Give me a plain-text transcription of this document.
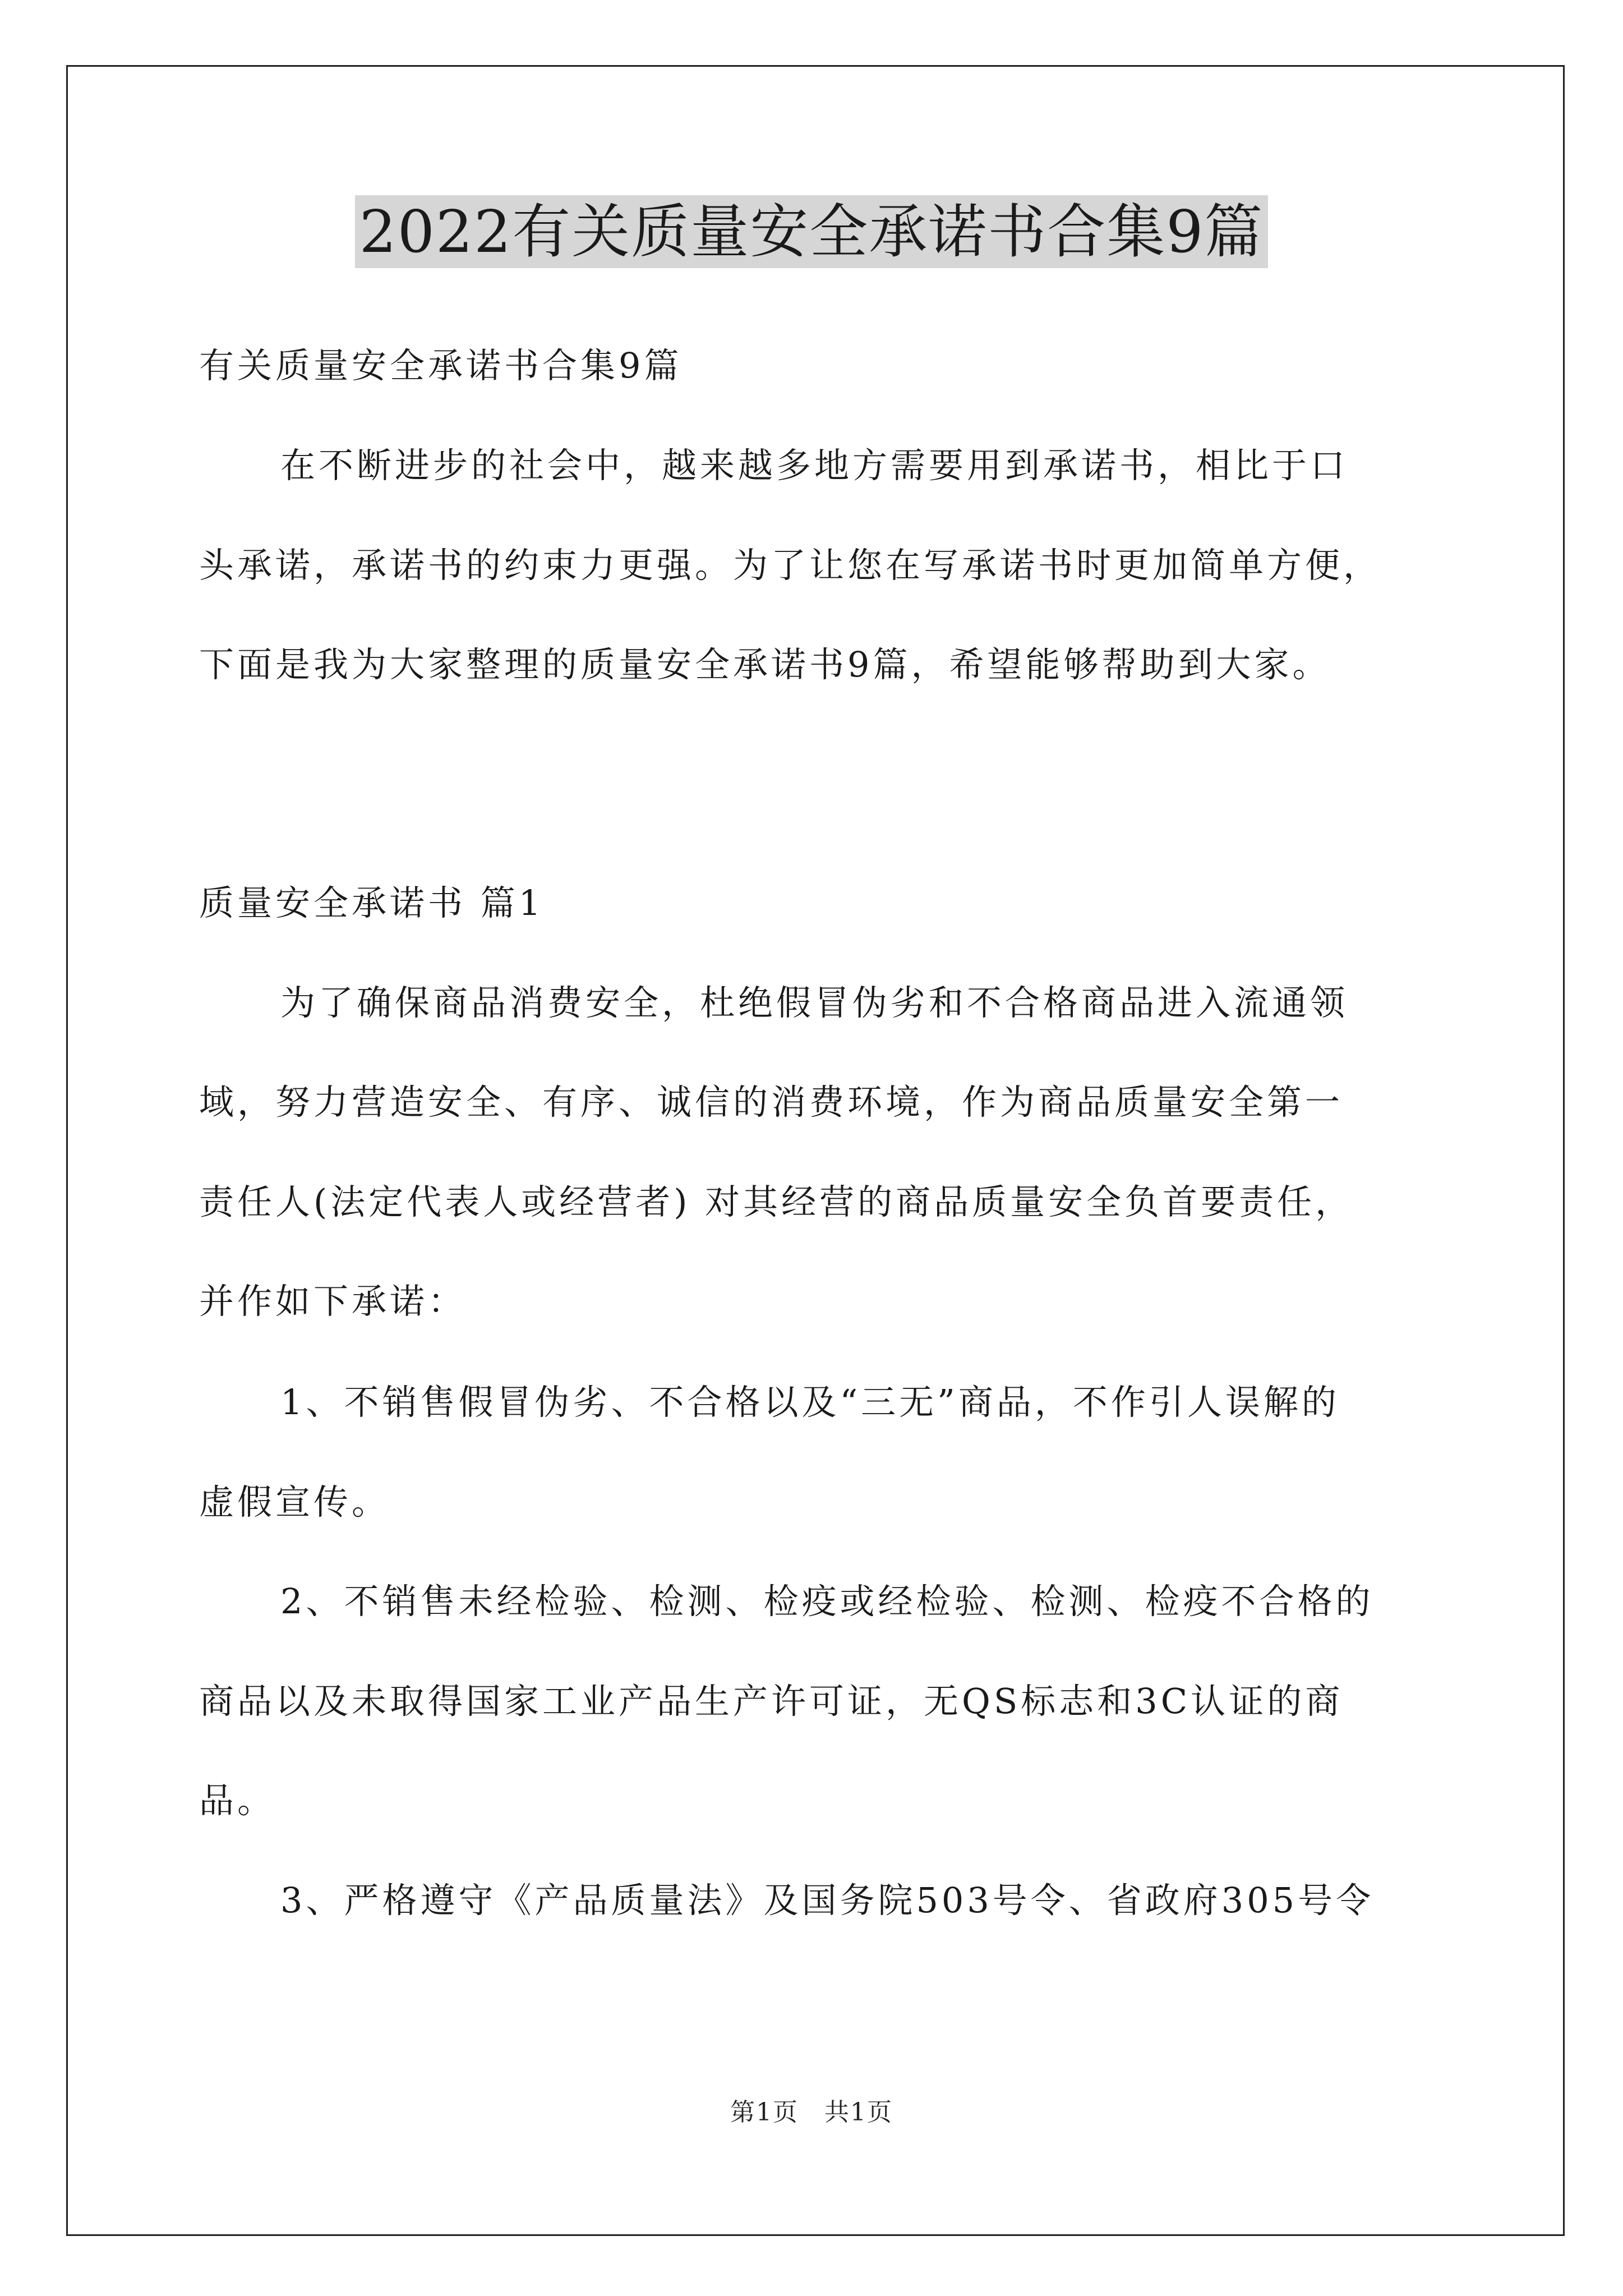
2022有关质量安全承诺书合集9篇
有关质量安全承诺书合集9篇
在不断进步的社会中，越来越多地方需要用到承诺书，相比于口
头承诺，承诺书的约束力更强。为了让您在写承诺书时更加简单方便，
下面是我为大家整理的质量安全承诺书9篇，希望能够帮助到大家。
质量安全承诺书 篇1
为了确保商品消费安全，杜绝假冒伪劣和不合格商品进入流通领
域，努力营造安全、有序、诚信的消费环境，作为商品质量安全第一
责任人(法定代表人或经营者) 对其经营的商品质量安全负首要责任，
并作如下承诺：
1、不销售假冒伪劣、不合格以及“三无”商品，不作引人误解的
虚假宣传。
2、不销售未经检验、检测、检疫或经检验、检测、检疫不合格的
商品以及未取得国家工业产品生产许可证，无QS标志和3C认证的商
品。
3、严格遵守《产品质量法》及国务院503号令、省政府305号令
第1页　共1页
